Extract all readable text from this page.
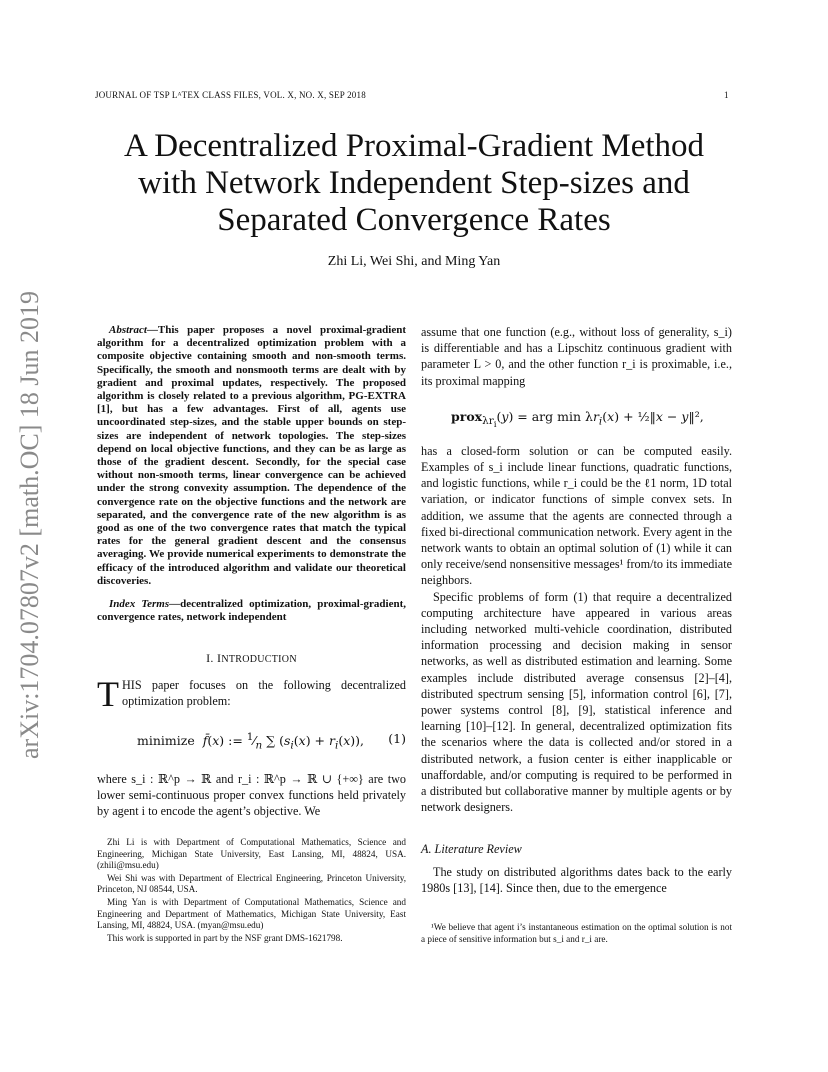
JOURNAL OF TSP LᴬTEX CLASS FILES, VOL. X, NO. X, SEP 2018	1
arXiv:1704.07807v2 [math.OC] 18 Jun 2019
A Decentralized Proximal-Gradient Method with Network Independent Step-sizes and Separated Convergence Rates
Zhi Li, Wei Shi, and Ming Yan

Abstract—This paper proposes a novel proximal-gradient algorithm for a decentralized optimization problem with a composite objective containing smooth and non-smooth terms. Specifically, the smooth and nonsmooth terms are dealt with by gradient and proximal updates, respectively. The proposed algorithm is closely related to a previous algorithm, PG-EXTRA [1], but has a few advantages. First of all, agents use uncoordinated step-sizes, and the stable upper bounds on step-sizes are independent of network topologies. The step-sizes depend on local objective functions, and they can be as large as those of the gradient descent. Secondly, for the special case without non-smooth terms, linear convergence can be achieved under the strong convexity assumption. The dependence of the convergence rate on the objective functions and the network are separated, and the convergence rate of the new algorithm is as good as one of the two convergence rates that match the typical rates for the general gradient descent and the consensus averaging. We provide numerical experiments to demonstrate the efficacy of the introduced algorithm and validate our theoretical discoveries.

Index Terms—decentralized optimization, proximal-gradient, convergence rates, network independent

I. INTRODUCTION

THIS paper focuses on the following decentralized optimization problem:

minimize  f̄(x) := $^1⁄_n$ ∑ $(s_i(x) + r_i(x))$, (1)

where s_i : ℝ^p → ℝ and r_i : ℝ^p → ℝ ∪ {+∞} are two lower semi-continuous proper convex functions held privately by agent i to encode the agent’s objective. We

Zhi Li is with Department of Computational Mathematics, Science and Engineering, Michigan State University, East Lansing, MI, 48824, USA. (zhili@msu.edu)

Wei Shi was with Department of Electrical Engineering, Princeton University, Princeton, NJ 08544, USA.

Ming Yan is with Department of Computational Mathematics, Science and Engineering and Department of Mathematics, Michigan State University, East Lansing, MI, 48824, USA. (myan@msu.edu)

This work is supported in part by the NSF grant DMS-1621798.

assume that one function (e.g., without loss of generality, s_i) is differentiable and has a Lipschitz continuous gradient with parameter L > 0, and the other function r_i is proximable, i.e., its proximal mapping

prox$_{\lambda r_i}$(y) = arg $\min \lambda r_i(x)$ + ½‖x − y‖²,

has a closed-form solution or can be computed easily. Examples of s_i include linear functions, quadratic functions, and logistic functions, while r_i could be the ℓ1 norm, 1D total variation, or indicator functions of simple convex sets. In addition, we assume that the agents are connected through a fixed bi-directional communication network. Every agent in the network wants to obtain an optimal solution of (1) while it can only receive/send nonsensitive messages¹ from/to its immediate neighbors.

Specific problems of form (1) that require a decentralized computing architecture have appeared in various areas including networked multi-vehicle coordination, distributed information processing and decision making in sensor networks, as well as distributed estimation and learning. Some examples include distributed average consensus [2]–[4], distributed spectrum sensing [5], information control [6], [7], power systems control [8], [9], statistical inference and learning [10]–[12]. In general, decentralized optimization fits the scenarios where the data is collected and/or stored in a distributed network, a fusion center is either inapplicable or unaffordable, and/or computing is required to be performed in a distributed but collaborative manner by multiple agents or by network designers.

A. Literature Review

The study on distributed algorithms dates back to the early 1980s [13], [14]. Since then, due to the emergence

¹We believe that agent i’s instantaneous estimation on the optimal solution is not a piece of sensitive information but s_i and r_i are.
